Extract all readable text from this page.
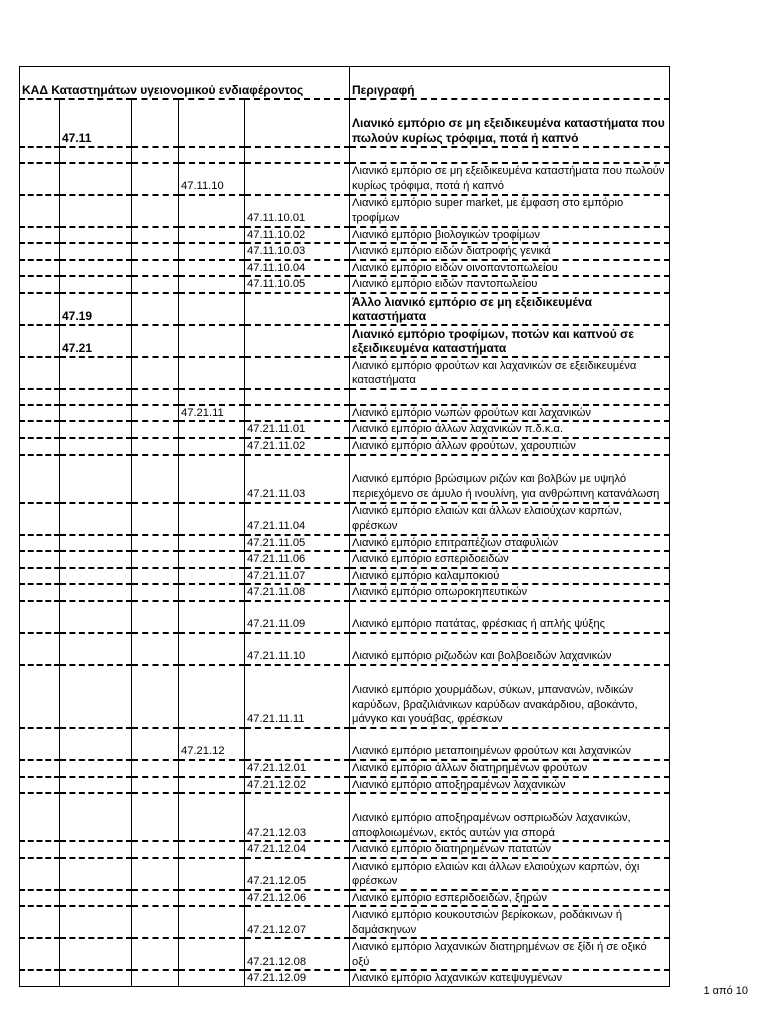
ΚΑΔ Καταστημάτων υγειονομικού ενδιαφέροντος					Περιγραφή
	47.11				Λιανικό εμπόριο σε μη εξειδικευμένα καταστήματα που πωλούν κυρίως τρόφιμα, ποτά ή καπνό

			47.11.10		Λιανικό εμπόριο σε μη εξειδικευμένα καταστήματα που πωλούν κυρίως τρόφιμα, ποτά ή καπνό
				47.11.10.01	Λιανικό εμπόριο super market, με έμφαση στο εμπόριο τροφίμων
				47.11.10.02	Λιανικό εμπόριο βιολογικών τροφίμων
				47.11.10.03	Λιανικό εμπόριο ειδών διατροφής γενικά
				47.11.10.04	Λιανικό εμπόριο ειδών οινοπαντοπωλείου
				47.11.10.05	Λιανικό εμπόριο ειδών παντοπωλείου
	47.19				Άλλο λιανικό εμπόριο σε μη εξειδικευμένα καταστήματα
	47.21				Λιανικό εμπόριο τροφίμων, ποτών και καπνού σε εξειδικευμένα καταστήματα
					Λιανικό εμπόριο φρούτων και λαχανικών σε εξειδικευμένα καταστήματα

			47.21.11		Λιανικό εμπόριο νωπών φρούτων και λαχανικών
				47.21.11.01	Λιανικό εμπόριο άλλων λαχανικών π.δ.κ.α.
				47.21.11.02	Λιανικό εμπόριο άλλων φρούτων, χαρουπιών
				47.21.11.03	Λιανικό εμπόριο βρώσιμων ριζών και βολβών με υψηλό περιεχόμενο σε άμυλο ή ινουλίνη, για ανθρώπινη κατανάλωση
				47.21.11.04	Λιανικό εμπόριο ελαιών και άλλων ελαιούχων καρπών, φρέσκων
				47.21.11.05	Λιανικό εμπόριο επιτραπέζιων σταφυλιών
				47.21.11.06	Λιανικό εμπόριο εσπεριδοειδών
				47.21.11.07	Λιανικό εμπόριο καλαμποκιού
				47.21.11.08	Λιανικό εμπόριο οπωροκηπευτικών
				47.21.11.09	Λιανικό εμπόριο πατάτας, φρέσκιας ή απλής ψύξης
				47.21.11.10	Λιανικό εμπόριο ριζωδών και βολβοειδών λαχανικών
				47.21.11.11	Λιανικό εμπόριο χουρμάδων, σύκων, μπανανών, ινδικών καρύδων, βραζιλιάνικων καρύδων ανακάρδιου, αβοκάντο, μάνγκο και γουάβας, φρέσκων
			47.21.12		Λιανικό εμπόριο μεταποιημένων φρούτων και λαχανικών
				47.21.12.01	Λιανικό εμπόριο άλλων διατηρημένων φρούτων
				47.21.12.02	Λιανικό εμπόριο αποξηραμένων λαχανικών
				47.21.12.03	Λιανικό εμπόριο αποξηραμένων οσπριωδών λαχανικών, αποφλοιωμένων, εκτός αυτών για σπορά
				47.21.12.04	Λιανικό εμπόριο διατηρημένων πατατών
				47.21.12.05	Λιανικό εμπόριο ελαιών και άλλων ελαιούχων καρπών, όχι φρέσκων
				47.21.12.06	Λιανικό εμπόριο εσπεριδοειδών, ξηρών
				47.21.12.07	Λιανικό εμπόριο κουκουτσιών βερίκοκων, ροδάκινων ή δαμάσκηνων
				47.21.12.08	Λιανικό εμπόριο λαχανικών διατηρημένων σε ξίδι ή σε οξικό οξύ
				47.21.12.09	Λιανικό εμπόριο λαχανικών κατεψυγμένων
1 από 10
